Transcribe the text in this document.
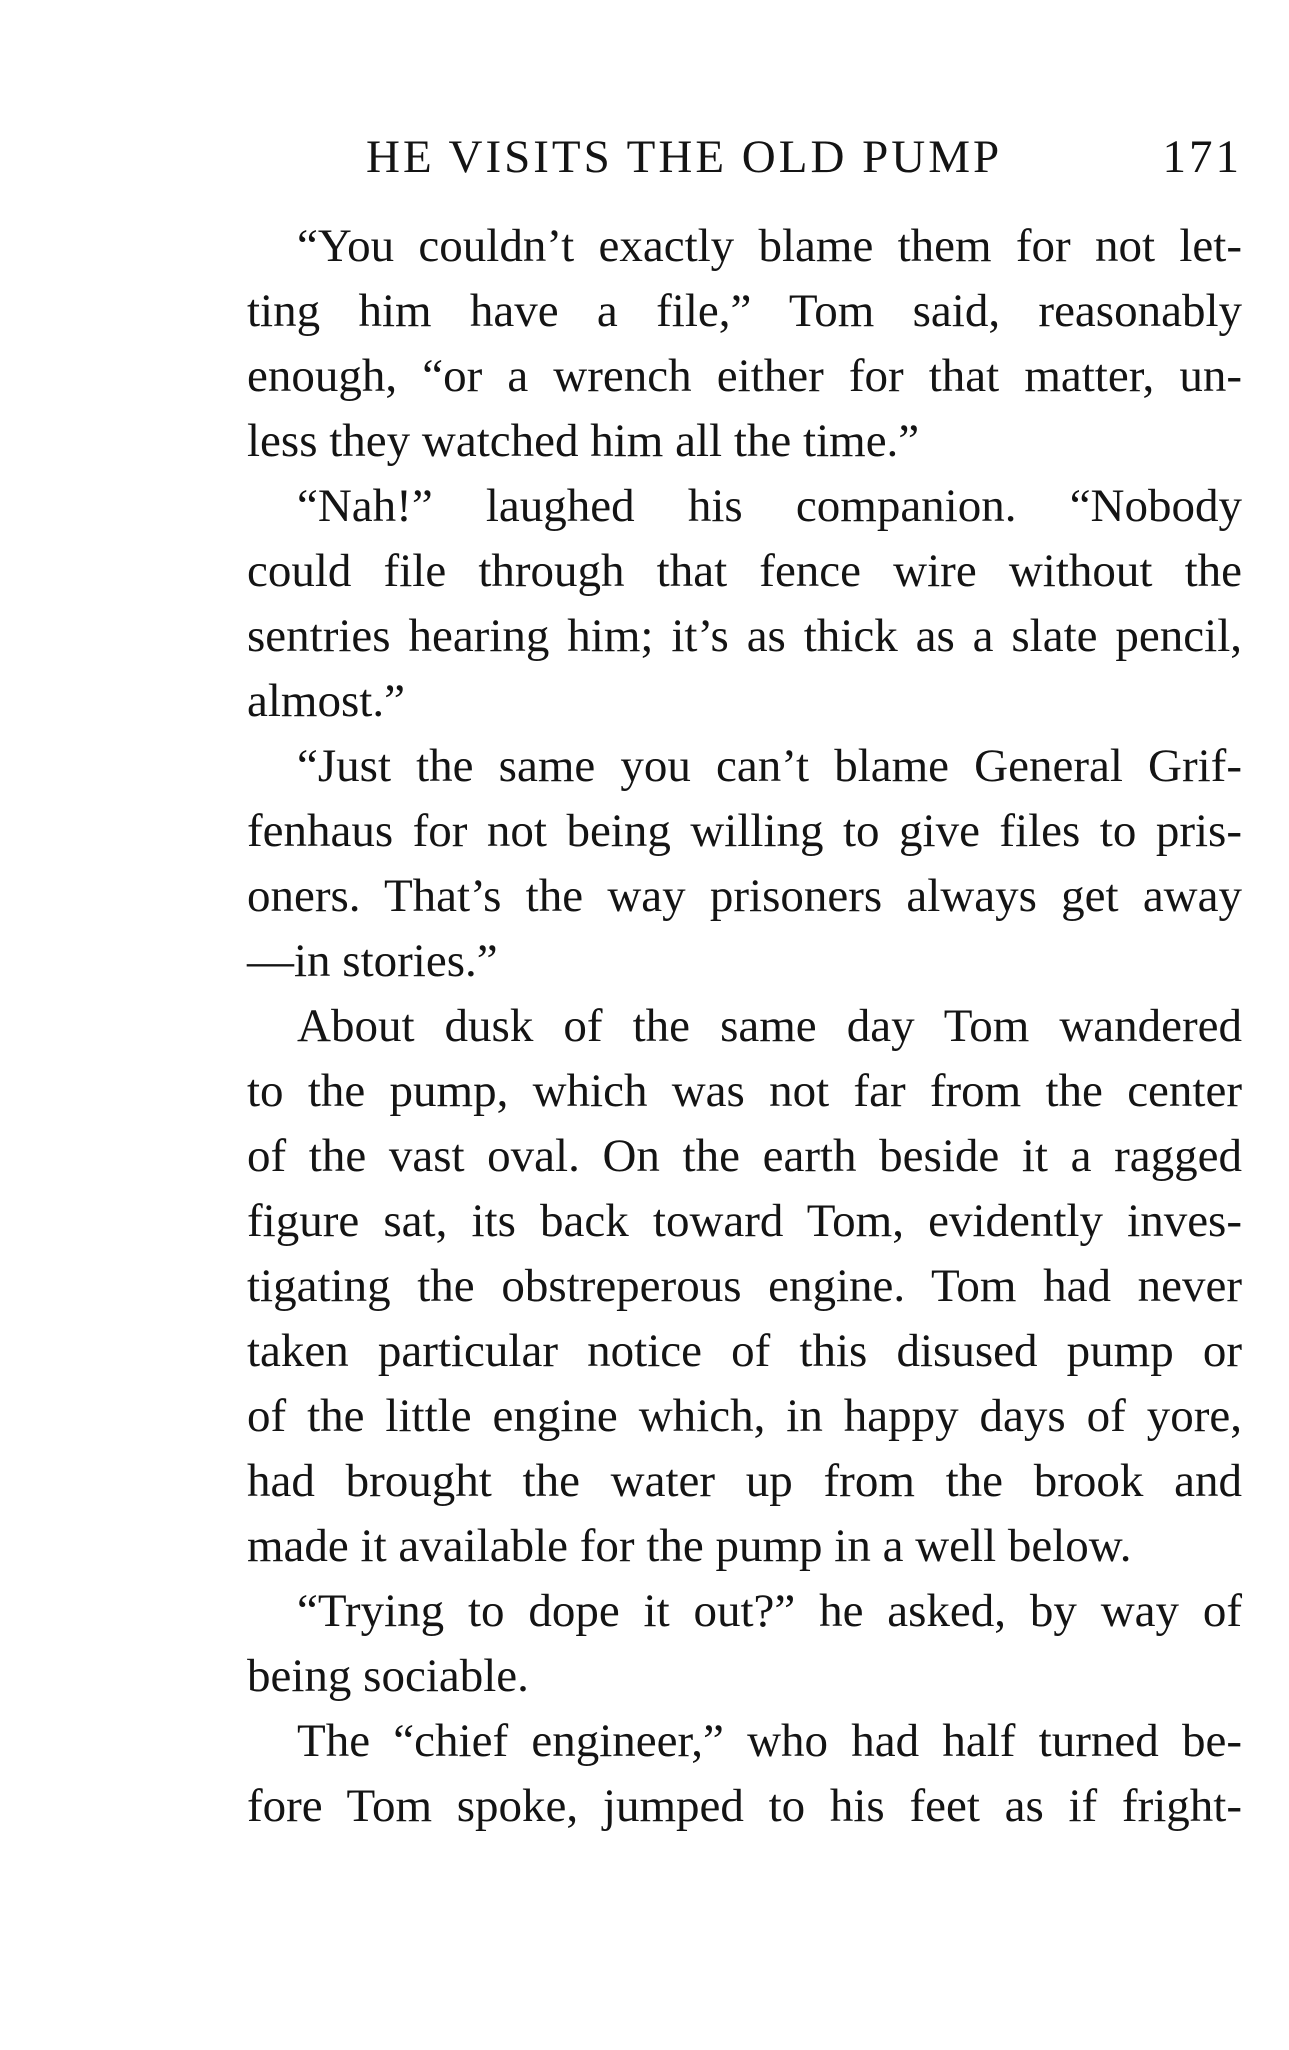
HE VISITS THE OLD PUMP	171
“You couldn’t exactly blame them for not let-
ting him have a file,” Tom said, reasonably
enough, “or a wrench either for that matter, un-
less they watched him all the time.”
“Nah!” laughed his companion. “Nobody
could file through that fence wire without the
sentries hearing him; it’s as thick as a slate pencil,
almost.”
“Just the same you can’t blame General Grif-
fenhaus for not being willing to give files to pris-
oners. That’s the way prisoners always get away
—in stories.”
About dusk of the same day Tom wandered
to the pump, which was not far from the center
of the vast oval. On the earth beside it a ragged
figure sat, its back toward Tom, evidently inves-
tigating the obstreperous engine. Tom had never
taken particular notice of this disused pump or
of the little engine which, in happy days of yore,
had brought the water up from the brook and
made it available for the pump in a well below.
“Trying to dope it out?” he asked, by way of
being sociable.
The “chief engineer,” who had half turned be-
fore Tom spoke, jumped to his feet as if fright-
